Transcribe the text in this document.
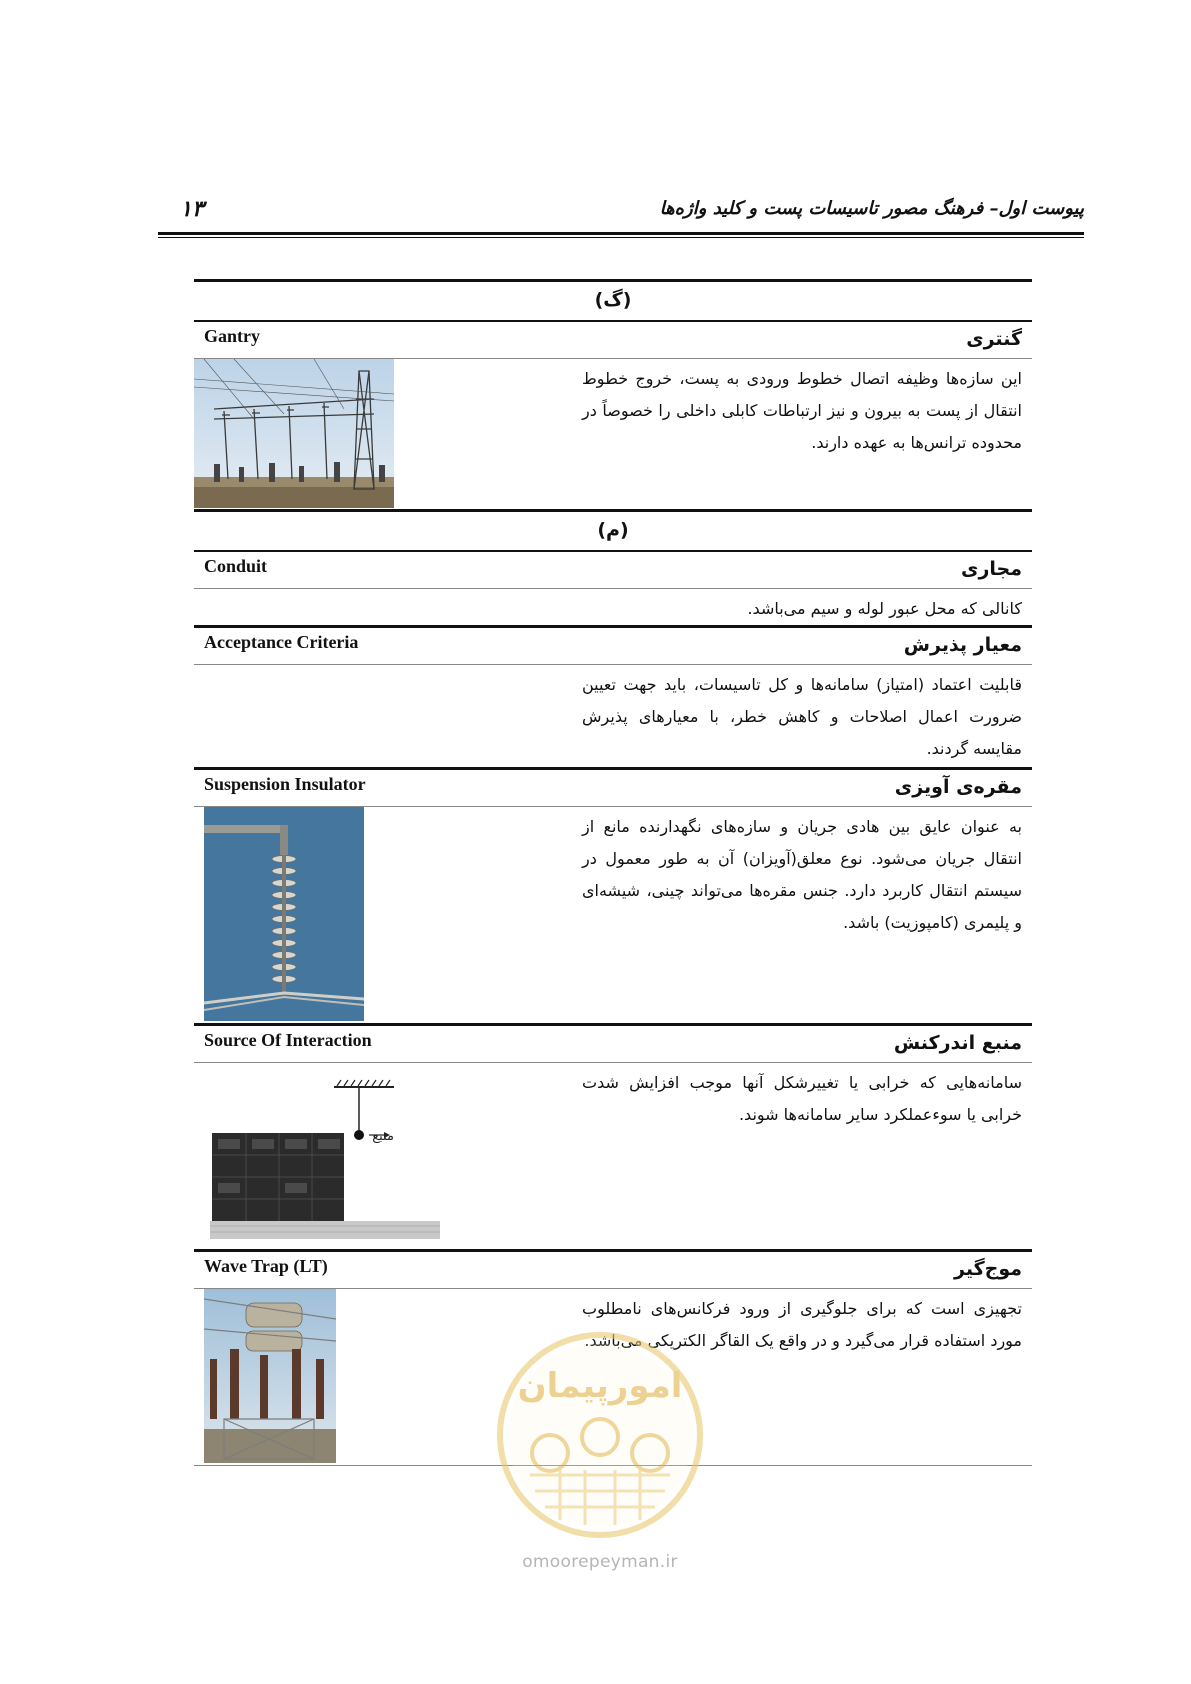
۱۳	پیوست اول– فرهنگ مصور تاسیسات پست و کلید واژه‌ها
(گ)
Gantry	گنتری
این سازه‌ها وظیفه اتصال خطوط ورودی به پست، خروج خطوط انتقال از پست به بیرون و نیز ارتباطات کابلی داخلی را خصوصاً در محدوده ترانس‌ها به عهده دارند.
(م)
Conduit	مجاری
کانالی که محل عبور لوله و سیم می‌باشد.
Acceptance Criteria	معیار پذیرش
قابلیت اعتماد (امتیاز) سامانه‌ها و کل تاسیسات، باید جهت تعیین ضرورت اعمال اصلاحات و کاهش خطر، با معیارهای پذیرش مقایسه گردند.
Suspension Insulator	مقره‌ی آویزی
به عنوان عایق بین هادی جریان و سازه‌های نگهدارنده مانع از انتقال جریان می‌شود. نوع معلق(آویزان) آن به طور معمول در سیستم انتقال کاربرد دارد. جنس مقره‌ها می‌تواند چینی، شیشه‌ای و پلیمری (کامپوزیت) باشد.
Source Of Interaction	منبع اندرکنش
منبع
سامانه‌هایی که خرابی یا تغییرشکل آنها موجب افزایش شدت خرابی یا سوءعملکرد سایر سامانه‌ها شوند.
Wave Trap (LT)	موج‌گیر
تجهیزی است که برای جلوگیری از ورود فرکانس‌های نامطلوب مورد استفاده قرار می‌گیرد و در واقع یک القاگر الکتریکی می‌باشد.
امورپیمان
omoorepeyman.ir
